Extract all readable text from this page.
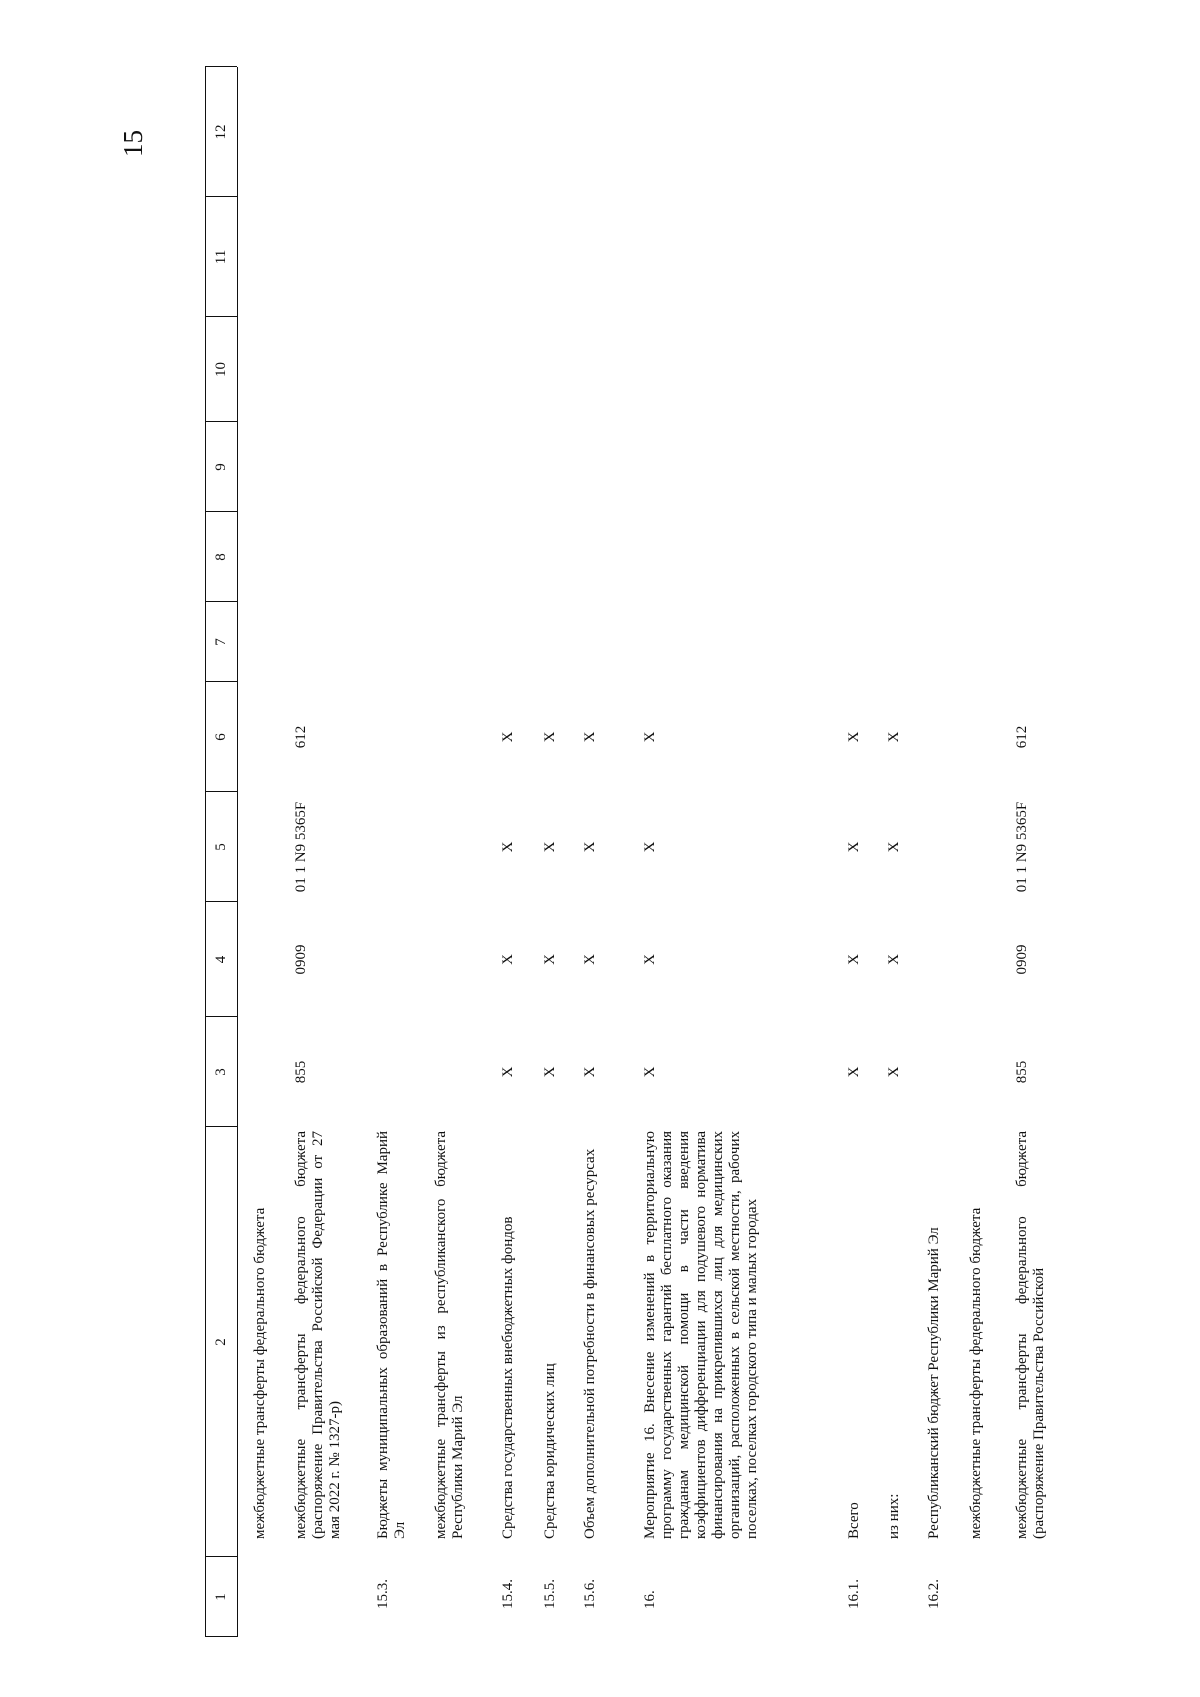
15
1
2
3
4
5
6
7
8
9
10
11
12
межбюджетные трансферты федерального бюджета межбюджетные трансферты федерального бюджета (распоряжение Правительства Российской Федерации от 27 мая 2022 г. № 1327-р)
855
0909
01 1 N9 5365F
612
15.3.
Бюджеты муниципальных образований в Республике Марий Эл межбюджетные трансферты из республиканского бюджета Республики Марий Эл
15.4.
Средства государственных внебюджетных фондов
X
X
X
X
15.5.
Средства юридических лиц
X
X
X
X
15.6.
Объем дополнительной потребности в финансовых ресурсах
X
X
X
X
16.
Мероприятие 16. Внесение изменений в территориальную программу государственных гарантий бесплатного оказания гражданам медицинской помощи в части введения коэффициентов дифференциации для подушевого норматива финансирования на прикрепившихся лиц для медицинских организаций, расположенных в сельской местности, рабочих поселках, поселках городского типа и малых городах
X
X
X
X
16.1.
Всего
X
X
X
X
из них:
X
X
X
X
16.2.
Республиканский бюджет Республики Марий Эл межбюджетные трансферты федерального бюджета межбюджетные трансферты федерального бюджета (распоряжение Правительства Российской
855
0909
01 1 N9 5365F
612
